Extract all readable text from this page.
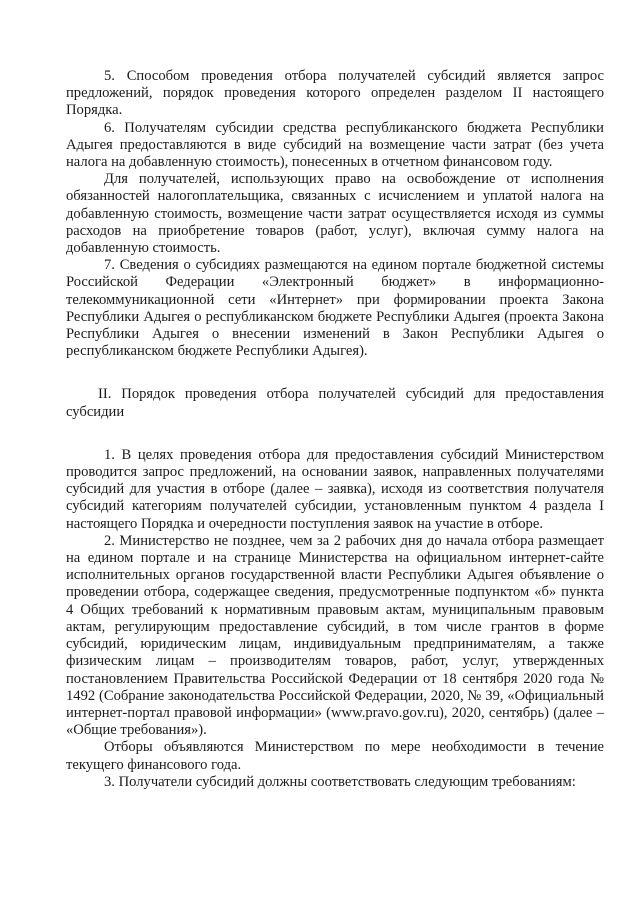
5. Способом проведения отбора получателей субсидий является запрос предложений, порядок проведения которого определен разделом II настоящего Порядка.

6. Получателям субсидии средства республиканского бюджета Республики Адыгея предоставляются в виде субсидий на возмещение части затрат (без учета налога на добавленную стоимость), понесенных в отчетном финансовом году.

Для получателей, использующих право на освобождение от исполнения обязанностей налогоплательщика, связанных с исчислением и уплатой налога на добавленную стоимость, возмещение части затрат осуществляется исходя из суммы расходов на приобретение товаров (работ, услуг), включая сумму налога на добавленную стоимость.

7. Сведения о субсидиях размещаются на едином портале бюджетной системы Российской Федерации «Электронный бюджет» в информационно-телекоммуникационной сети «Интернет» при формировании проекта Закона Республики Адыгея о республиканском бюджете Республики Адыгея (проекта Закона Республики Адыгея о внесении изменений в Закон Республики Адыгея о республиканском бюджете Республики Адыгея).

II. Порядок проведения отбора получателей субсидий для предоставления субсидии

1. В целях проведения отбора для предоставления субсидий Министерством проводится запрос предложений, на основании заявок, направленных получателями субсидий для участия в отборе (далее – заявка), исходя из соответствия получателя субсидий категориям получателей субсидии, установленным пунктом 4 раздела I настоящего Порядка и очередности поступления заявок на участие в отборе.

2. Министерство не позднее, чем за 2 рабочих дня до начала отбора размещает на едином портале и на странице Министерства на официальном интернет-сайте исполнительных органов государственной власти Республики Адыгея объявление о проведении отбора, содержащее сведения, предусмотренные подпунктом «б» пункта 4 Общих требований к нормативным правовым актам, муниципальным правовым актам, регулирующим предоставление субсидий, в том числе грантов в форме субсидий, юридическим лицам, индивидуальным предпринимателям, а также физическим лицам – производителям товаров, работ, услуг, утвержденных постановлением Правительства Российской Федерации от 18 сентября 2020 года № 1492 (Собрание законодательства Российской Федерации, 2020, № 39, «Официальный интернет-портал правовой информации» (www.pravo.gov.ru), 2020, сентябрь) (далее – «Общие требования»).

Отборы объявляются Министерством по мере необходимости в течение текущего финансового года.

3. Получатели субсидий должны соответствовать следующим требованиям:
